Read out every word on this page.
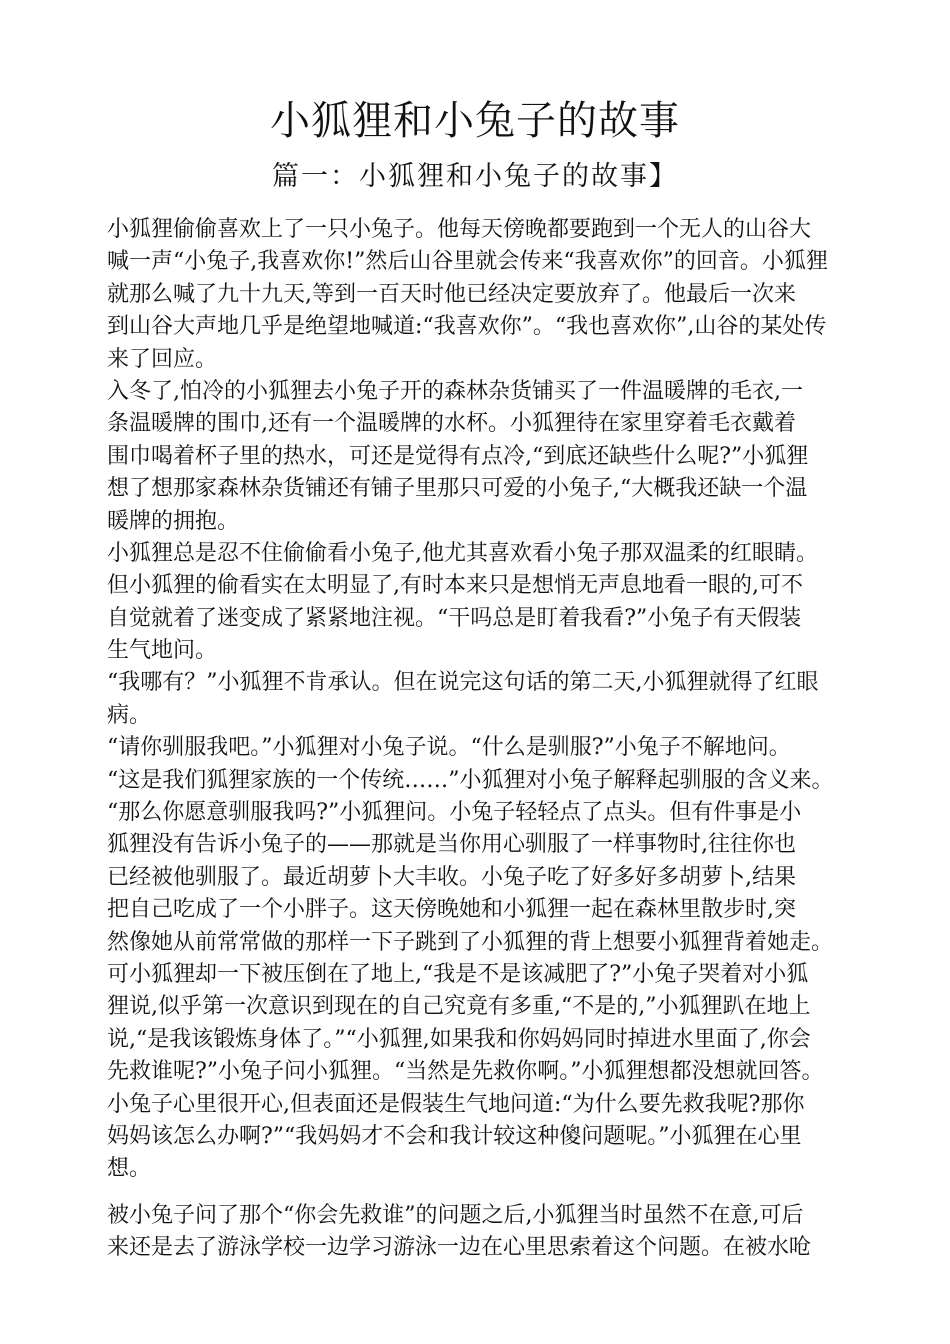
小狐狸和小兔子的故事
篇一：小狐狸和小兔子的故事】
小狐狸偷偷喜欢上了一只小兔子。他每天傍晚都要跑到一个无人的山谷大
喊一声“小兔子,我喜欢你!”然后山谷里就会传来“我喜欢你”的回音。小狐狸
就那么喊了九十九天,等到一百天时他已经决定要放弃了。他最后一次来
到山谷大声地几乎是绝望地喊道:“我喜欢你”。“我也喜欢你”,山谷的某处传
来了回应。
入冬了,怕冷的小狐狸去小兔子开的森林杂货铺买了一件温暖牌的毛衣,一
条温暖牌的围巾,还有一个温暖牌的水杯。小狐狸待在家里穿着毛衣戴着
围巾喝着杯子里的热水，可还是觉得有点冷,“到底还缺些什么呢?”小狐狸
想了想那家森林杂货铺还有铺子里那只可爱的小兔子,“大概我还缺一个温
暖牌的拥抱。
小狐狸总是忍不住偷偷看小兔子,他尤其喜欢看小兔子那双温柔的红眼睛。
但小狐狸的偷看实在太明显了,有时本来只是想悄无声息地看一眼的,可不
自觉就着了迷变成了紧紧地注视。“干吗总是盯着我看?”小兔子有天假装
生气地问。
“我哪有？”小狐狸不肯承认。但在说完这句话的第二天,小狐狸就得了红眼
病。
“请你驯服我吧。”小狐狸对小兔子说。“什么是驯服?”小兔子不解地问。
“这是我们狐狸家族的一个传统……”小狐狸对小兔子解释起驯服的含义来。
“那么你愿意驯服我吗?”小狐狸问。小兔子轻轻点了点头。但有件事是小
狐狸没有告诉小兔子的——那就是当你用心驯服了一样事物时,往往你也
已经被他驯服了。最近胡萝卜大丰收。小兔子吃了好多好多胡萝卜,结果
把自己吃成了一个小胖子。这天傍晚她和小狐狸一起在森林里散步时,突
然像她从前常常做的那样一下子跳到了小狐狸的背上想要小狐狸背着她走。
可小狐狸却一下被压倒在了地上,“我是不是该减肥了?”小兔子哭着对小狐
狸说,似乎第一次意识到现在的自己究竟有多重,“不是的,”小狐狸趴在地上
说,“是我该锻炼身体了。”“小狐狸,如果我和你妈妈同时掉进水里面了,你会
先救谁呢?”小兔子问小狐狸。“当然是先救你啊。”小狐狸想都没想就回答。
小兔子心里很开心,但表面还是假装生气地问道:“为什么要先救我呢?那你
妈妈该怎么办啊?”“我妈妈才不会和我计较这种傻问题呢。”小狐狸在心里
想。
被小兔子问了那个“你会先救谁”的问题之后,小狐狸当时虽然不在意,可后
来还是去了游泳学校一边学习游泳一边在心里思索着这个问题。在被水呛
